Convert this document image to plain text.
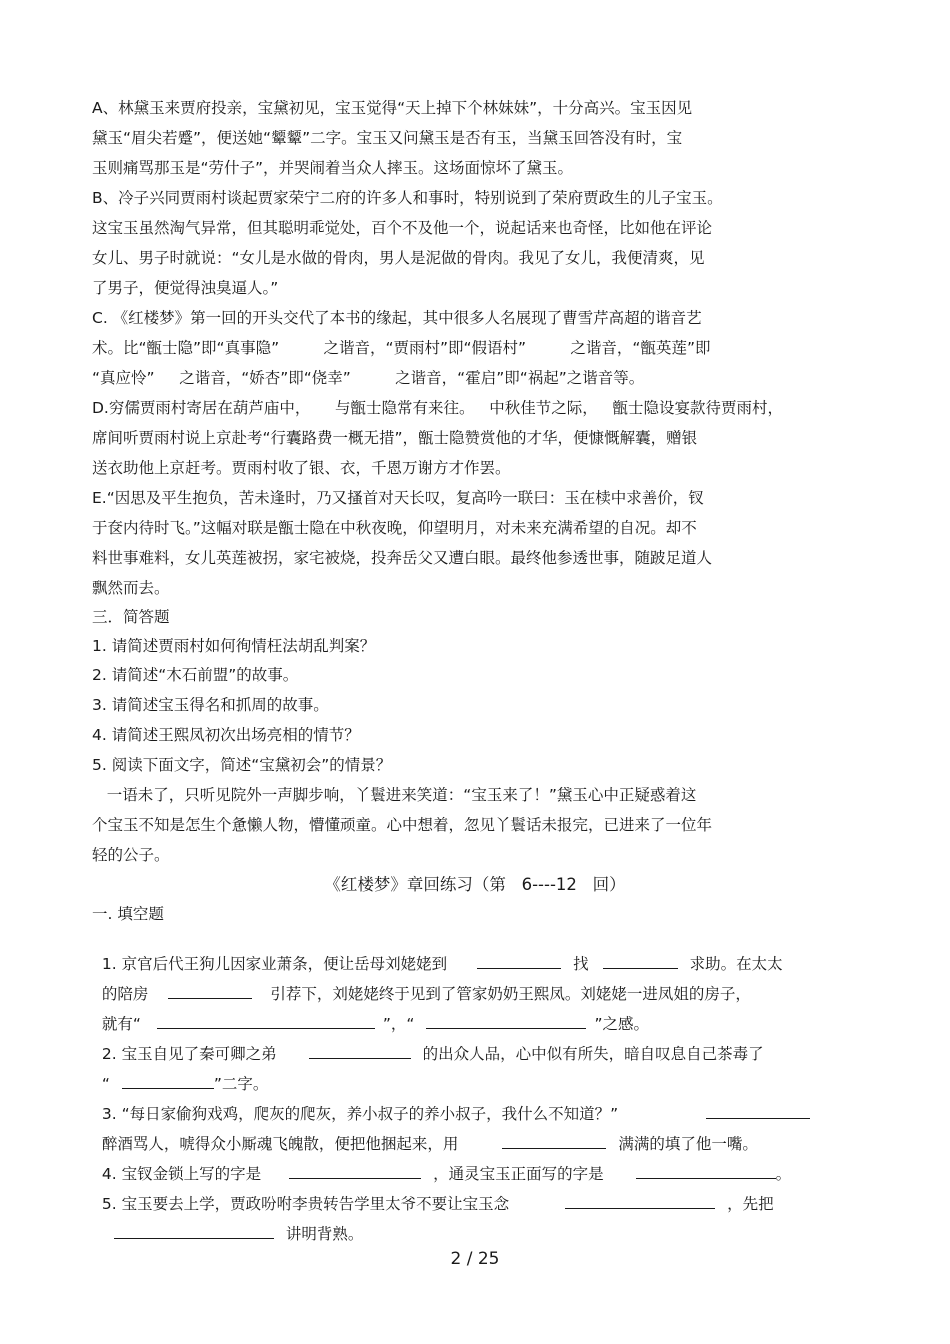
A、林黛玉来贾府投亲，宝黛初见，宝玉觉得“天上掉下个林妹妹”，十分高兴。宝玉因见
黛玉“眉尖若蹙”，便送她“颦颦”二字。宝玉又问黛玉是否有玉，当黛玉回答没有时，宝
玉则痛骂那玉是“劳什子”，并哭闹着当众人摔玉。这场面惊坏了黛玉。
B、冷子兴同贾雨村谈起贾家荣宁二府的许多人和事时，特别说到了荣府贾政生的儿子宝玉。
这宝玉虽然淘气异常，但其聪明乖觉处，百个不及他一个，说起话来也奇怪，比如他在评论
女儿、男子时就说：“女儿是水做的骨肉，男人是泥做的骨肉。我见了女儿，我便清爽，见
了男子，便觉得浊臭逼人。”
C. 《红楼梦》第一回的开头交代了本书的缘起，其中很多人名展现了曹雪芹高超的谐音艺
术。比“甑士隐”即“真事隐”         之谐音，“贾雨村”即“假语村”         之谐音，“甑英莲”即
“真应怜”     之谐音，“娇杏”即“侥幸”         之谐音，“霍启”即“祸起”之谐音等。
D.穷儒贾雨村寄居在葫芦庙中，     与甑士隐常有来往。   中秋佳节之际，   甑士隐设宴款待贾雨村，
席间听贾雨村说上京赴考“行囊路费一概无措”，甑士隐赞赏他的才华，便慷慨解囊，赠银
送衣助他上京赶考。贾雨村收了银、衣，千恩万谢方才作罢。
E.“因思及平生抱负，苦未逢时，乃又搔首对天长叹，复高吟一联曰：玉在椟中求善价，钗
于奁内待时飞。”这幅对联是甑士隐在中秋夜晚，仰望明月，对未来充满希望的自况。却不
料世事难料，女儿英莲被拐，家宅被烧，投奔岳父又遭白眼。最终他参透世事，随跛足道人
飘然而去。
三．简答题
1. 请简述贾雨村如何徇情枉法胡乱判案？
2. 请简述“木石前盟”的故事。
3. 请简述宝玉得名和抓周的故事。
4. 请简述王熙凤初次出场亮相的情节？
5. 阅读下面文字，简述“宝黛初会”的情景？
一语未了，只听见院外一声脚步响，丫鬟进来笑道：“宝玉来了！”黛玉心中正疑惑着这
个宝玉不知是怎生个惫懒人物，懵懂顽童。心中想着，忽见丫鬟话未报完，已进来了一位年
轻的公子。
《红楼梦》章回练习（第   6----12   回）
一. 填空题

1. 京官后代王狗儿因家业萧条，便让岳母刘姥姥到	找	求助。在太太

的陪房	引荐下，刘姥姥终于见到了管家奶奶王熙凤。刘姥姥一进凤姐的房子，

就有“	”，“	”之感。

2. 宝玉自见了秦可卿之弟	的出众人品，心中似有所失，暗自叹息自己茶毒了

“	”二字。

3. “每日家偷狗戏鸡，爬灰的爬灰，养小叔子的养小叔子，我什么不知道？”

醉酒骂人，唬得众小厮魂飞魄散，便把他捆起来，用	满满的填了他一嘴。

4. 宝钗金锁上写的字是	，通灵宝玉正面写的字是	。

5. 宝玉要去上学，贾政吩咐李贵转告学里太爷不要让宝玉念	，先把

讲明背熟。

2 / 25
